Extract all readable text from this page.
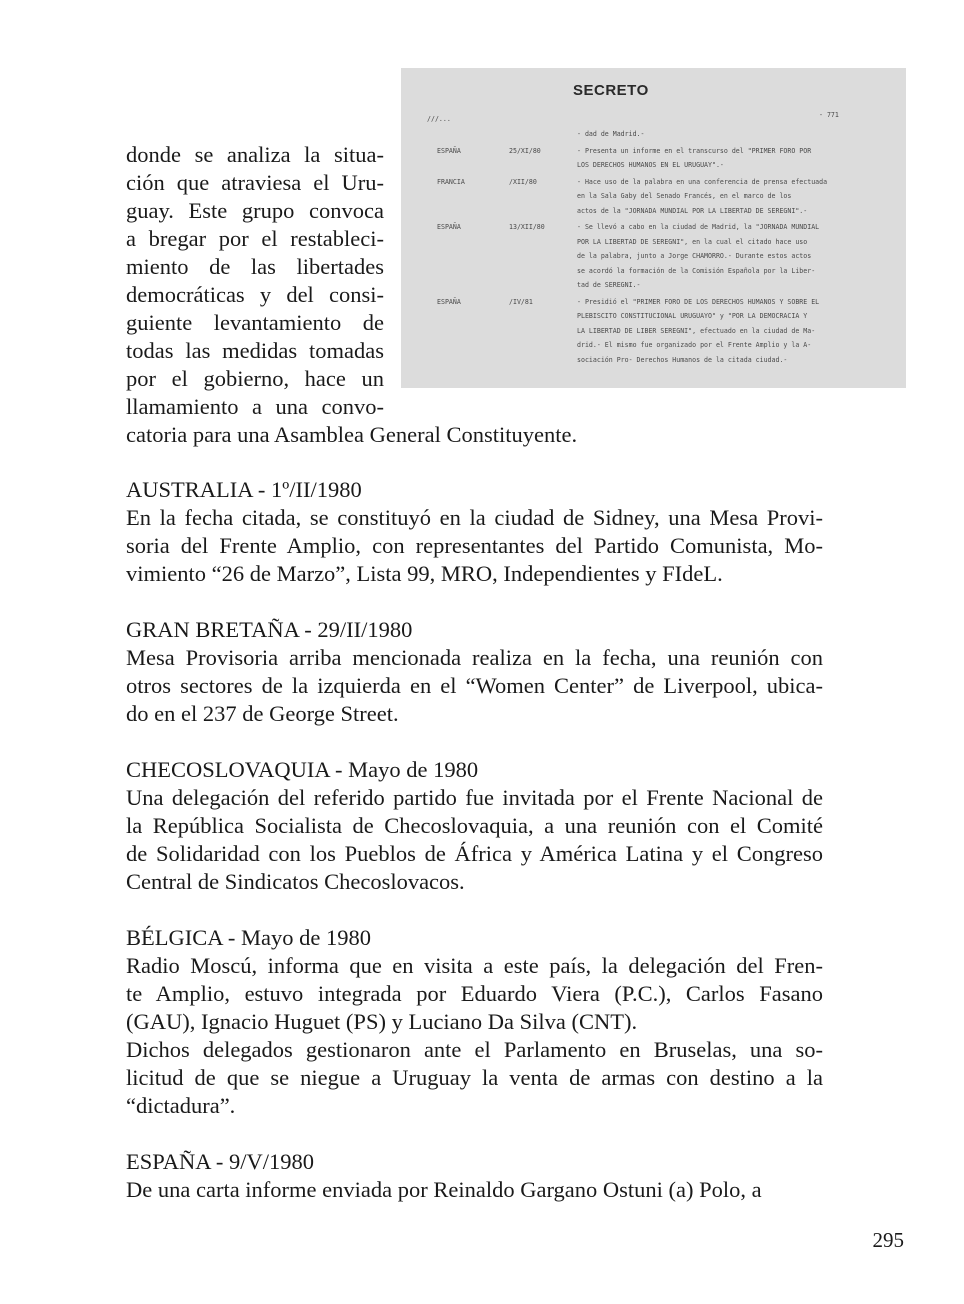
SECRETO
///...	- 771
- dad de Madrid.-
ESPAÑA	25/XI/80	- Presenta un informe en el transcurso del "PRIMER FORO POR
LOS DERECHOS HUMANOS EN EL URUGUAY".-
FRANCIA	/XII/80	- Hace uso de la palabra en una conferencia de prensa efectuada
en la Sala Gaby del Senado Francés, en el marco de los
actos de la "JORNADA MUNDIAL POR LA LIBERTAD DE SEREGNI".-
ESPAÑA	13/XII/80	- Se llevó a cabo en la ciudad de Madrid, la "JORNADA MUNDIAL
POR LA LIBERTAD DE SEREGNI", en la cual el citado hace uso
de la palabra, junto a Jorge CHAMORRO.- Durante estos actos
se acordó la formación de la Comisión Española por la Liber-
tad de SEREGNI.-
ESPAÑA	/IV/81	- Presidió el "PRIMER FORO DE LOS DERECHOS HUMANOS Y SOBRE EL
PLEBISCITO CONSTITUCIONAL URUGUAYO" y "POR LA DEMOCRACIA Y
LA LIBERTAD DE LIBER SEREGNI", efectuado en la ciudad de Ma-
drid.- El mismo fue organizado por el Frente Amplio y la A-
sociación Pro- Derechos Humanos de la citada ciudad.-
donde se analiza la situa-
ción que atraviesa el Uru-
guay. Este grupo convoca
a bregar por el restableci-
miento de las libertades
democráticas y del consi-
guiente levantamiento de
todas las medidas tomadas
por el gobierno, hace un
llamamiento a una convo-
catoria para una Asamblea General Constituyente.
AUSTRALIA - 1º/II/1980
En la fecha citada, se constituyó en la ciudad de Sidney, una Mesa Provi-
soria del Frente Amplio, con representantes del Partido Comunista, Mo-
vimiento “26 de Marzo”, Lista 99, MRO, Independientes y FIdeL.
GRAN BRETAÑA - 29/II/1980
Mesa Provisoria arriba mencionada realiza en la fecha, una reunión con
otros sectores de la izquierda en el “Women Center” de Liverpool, ubica-
do en el 237 de George Street.
CHECOSLOVAQUIA - Mayo de 1980
Una delegación del referido partido fue invitada por el Frente Nacional de
la República Socialista de Checoslovaquia, a una reunión con el Comité
de Solidaridad con los Pueblos de África y América Latina y el Congreso
Central de Sindicatos Checoslovacos.
BÉLGICA - Mayo de 1980
Radio Moscú, informa que en visita a este país, la delegación del Fren-
te Amplio, estuvo integrada por Eduardo Viera (P.C.), Carlos Fasano
(GAU), Ignacio Huguet (PS) y Luciano Da Silva (CNT).
Dichos delegados gestionaron ante el Parlamento en Bruselas, una so-
licitud de que se niegue a Uruguay la venta de armas con destino a la
“dictadura”.
ESPAÑA - 9/V/1980
De una carta informe enviada por Reinaldo Gargano Ostuni (a) Polo, a
295
